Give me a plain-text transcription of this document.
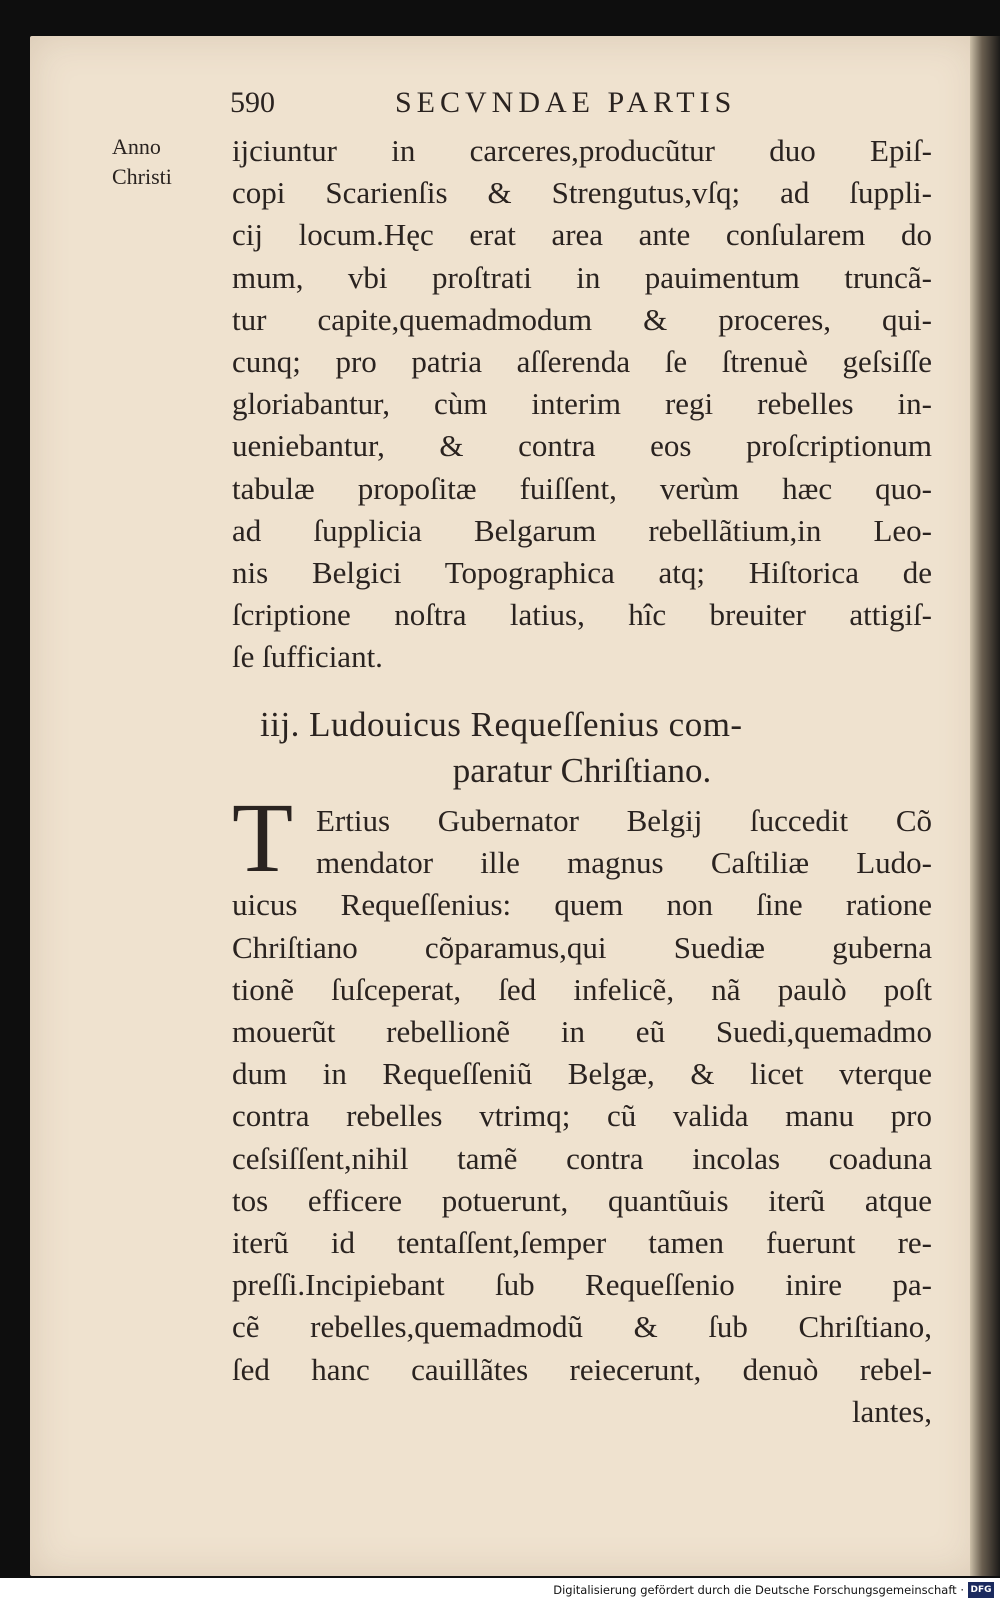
590	SECVNDAE PARTIS
Anno
Christi
ĳciuntur in carceres,producũtur duo Epiſ-
copi Scarienſis & Strengutus,vſq; ad ſuppli-
cij locum.Hęc erat area ante conſularem do
mum, vbi proſtrati in pauimentum truncã-
tur capite,quemadmodum & proceres, qui-
cunq; pro patria aſſerenda ſe ſtrenuè geſsiſſe
gloriabantur, cùm interim regi rebelles in-
ueniebantur, & contra eos proſcriptionum
tabulæ propoſitæ fuiſſent, verùm hæc quo-
ad ſupplicia Belgarum rebellãtium,in Leo-
nis Belgici Topographica atq; Hiſtorica de
ſcriptione noſtra latius, hîc breuiter attigiſ-
ſe ſufficiant.
iij. Ludouicus Requeſſenius com-
paratur Chriſtiano.
T Ertius Gubernator Belgij ſuccedit Cõ
mendator ille magnus Caſtiliæ Ludo-
uicus Requeſſenius: quem non ſine ratione
Chriſtiano cõparamus,qui Suediæ guberna
tionẽ ſuſceperat, ſed infelicẽ, nã paulò poſt
mouerũt rebellionẽ in eũ Suedi,quemadmo
dum in Requeſſeniũ Belgæ, & licet vterque
contra rebelles vtrimq; cũ valida manu pro
ceſsiſſent,nihil tamẽ contra incolas coaduna
tos efficere potuerunt, quantũuis iterũ atque
iterũ id tentaſſent,ſemper tamen fuerunt re-
preſſi.Incipiebant ſub Requeſſenio inire pa-
cẽ rebelles,quemadmodũ & ſub Chriſtiano,
ſed hanc cauillãtes reiecerunt, denuò rebel-
lantes,
Digitalisierung gefördert durch die Deutsche Forschungsgemeinschaft · DFG
